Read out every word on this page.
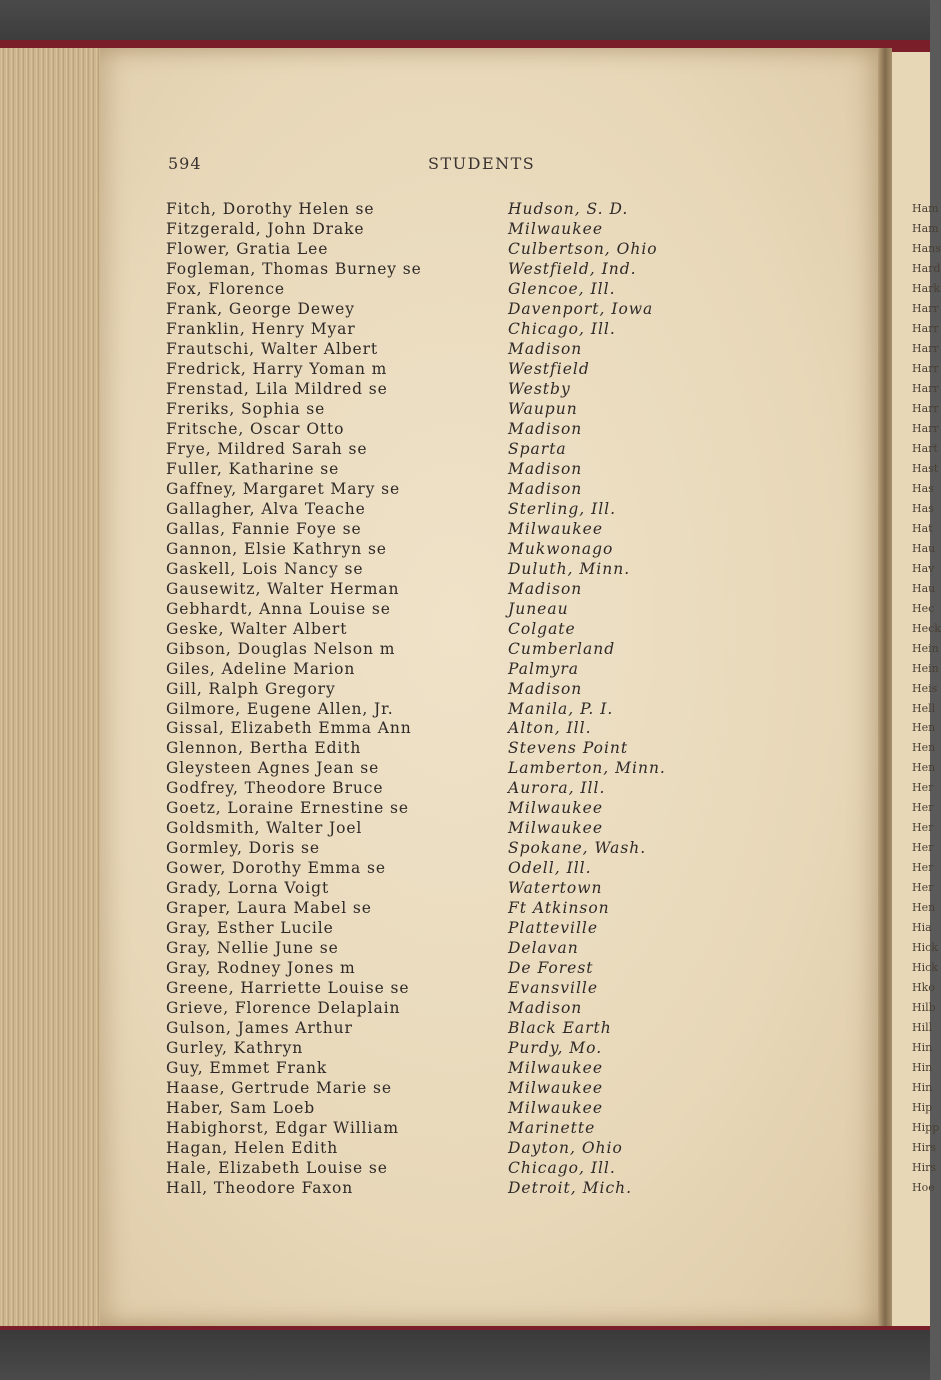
Ham
Ham
Hans
Hard
Hark
Harr
Harr
Harr
Harr
Harr
Harr
Harr
Hart
Hast
Has
Has
Hat
Hau
Hav
Hau
Hec
Heck
Hein
Hein
Heis
Hell
Hen
Hen
Hen
Her
Her
Her
Her
Her
Her
Hen
Hia
Hick
Hick
Hko
Hilb
Hill
Hin
Hin
Hin
Hip
Hipp
Hirs
Hirs
Hoe
594	STUDENTS
Fitch, Dorothy Helen se	Hudson, S. D.
Fitzgerald, John Drake	Milwaukee
Flower, Gratia Lee	Culbertson, Ohio
Fogleman, Thomas Burney se	Westfield, Ind.
Fox, Florence	Glencoe, Ill.
Frank, George Dewey	Davenport, Iowa
Franklin, Henry Myar	Chicago, Ill.
Frautschi, Walter Albert	Madison
Fredrick, Harry Yoman m	Westfield
Frenstad, Lila Mildred se	Westby
Freriks, Sophia se	Waupun
Fritsche, Oscar Otto	Madison
Frye, Mildred Sarah se	Sparta
Fuller, Katharine se	Madison
Gaffney, Margaret Mary se	Madison
Gallagher, Alva Teache	Sterling, Ill.
Gallas, Fannie Foye se	Milwaukee
Gannon, Elsie Kathryn se	Mukwonago
Gaskell, Lois Nancy se	Duluth, Minn.
Gausewitz, Walter Herman	Madison
Gebhardt, Anna Louise se	Juneau
Geske, Walter Albert	Colgate
Gibson, Douglas Nelson m	Cumberland
Giles, Adeline Marion	Palmyra
Gill, Ralph Gregory	Madison
Gilmore, Eugene Allen, Jr.	Manila, P. I.
Gissal, Elizabeth Emma Ann	Alton, Ill.
Glennon, Bertha Edith	Stevens Point
Gleysteen Agnes Jean se	Lamberton, Minn.
Godfrey, Theodore Bruce	Aurora, Ill.
Goetz, Loraine Ernestine se	Milwaukee
Goldsmith, Walter Joel	Milwaukee
Gormley, Doris se	Spokane, Wash.
Gower, Dorothy Emma se	Odell, Ill.
Grady, Lorna Voigt	Watertown
Graper, Laura Mabel se	Ft Atkinson
Gray, Esther Lucile	Platteville
Gray, Nellie June se	Delavan
Gray, Rodney Jones m	De Forest
Greene, Harriette Louise se	Evansville
Grieve, Florence Delaplain	Madison
Gulson, James Arthur	Black Earth
Gurley, Kathryn	Purdy, Mo.
Guy, Emmet Frank	Milwaukee
Haase, Gertrude Marie se	Milwaukee
Haber, Sam Loeb	Milwaukee
Habighorst, Edgar William	Marinette
Hagan, Helen Edith	Dayton, Ohio
Hale, Elizabeth Louise se	Chicago, Ill.
Hall, Theodore Faxon	Detroit, Mich.
